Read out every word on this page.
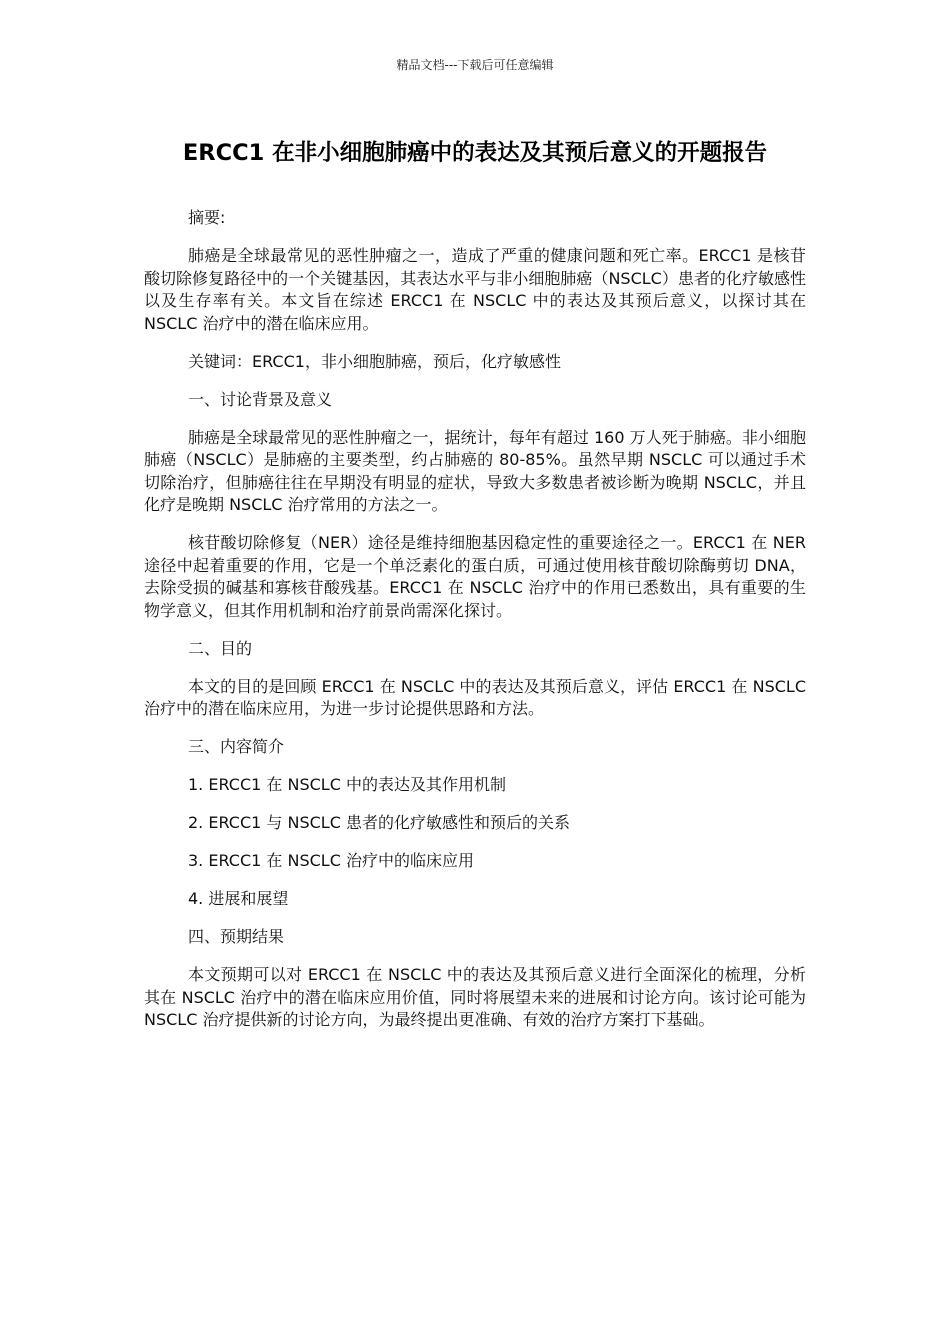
精品文档---下载后可任意编辑
ERCC1 在非小细胞肺癌中的表达及其预后意义的开题报告

摘要:

肺癌是全球最常见的恶性肿瘤之一，造成了严重的健康问题和死亡率。ERCC1 是核苷酸切除修复路径中的一个关键基因，其表达水平与非小细胞肺癌（NSCLC）患者的化疗敏感性以及生存率有关。本文旨在综述 ERCC1 在 NSCLC 中的表达及其预后意义，以探讨其在 NSCLC 治疗中的潜在临床应用。

关键词：ERCC1，非小细胞肺癌，预后，化疗敏感性

一、讨论背景及意义

肺癌是全球最常见的恶性肿瘤之一，据统计，每年有超过 160 万人死于肺癌。非小细胞肺癌（NSCLC）是肺癌的主要类型，约占肺癌的 80-85%。虽然早期 NSCLC 可以通过手术切除治疗，但肺癌往往在早期没有明显的症状，导致大多数患者被诊断为晚期 NSCLC，并且化疗是晚期 NSCLC 治疗常用的方法之一。

核苷酸切除修复（NER）途径是维持细胞基因稳定性的重要途径之一。ERCC1 在 NER 途径中起着重要的作用，它是一个单泛素化的蛋白质，可通过使用核苷酸切除酶剪切 DNA，去除受损的碱基和寡核苷酸残基。ERCC1 在 NSCLC 治疗中的作用已悉数出，具有重要的生物学意义，但其作用机制和治疗前景尚需深化探讨。

二、目的

本文的目的是回顾 ERCC1 在 NSCLC 中的表达及其预后意义，评估 ERCC1 在 NSCLC 治疗中的潜在临床应用，为进一步讨论提供思路和方法。

三、内容简介

1. ERCC1 在 NSCLC 中的表达及其作用机制

2. ERCC1 与 NSCLC 患者的化疗敏感性和预后的关系

3. ERCC1 在 NSCLC 治疗中的临床应用

4. 进展和展望

四、预期结果

本文预期可以对 ERCC1 在 NSCLC 中的表达及其预后意义进行全面深化的梳理，分析其在 NSCLC 治疗中的潜在临床应用价值，同时将展望未来的进展和讨论方向。该讨论可能为 NSCLC 治疗提供新的讨论方向，为最终提出更准确、有效的治疗方案打下基础。
